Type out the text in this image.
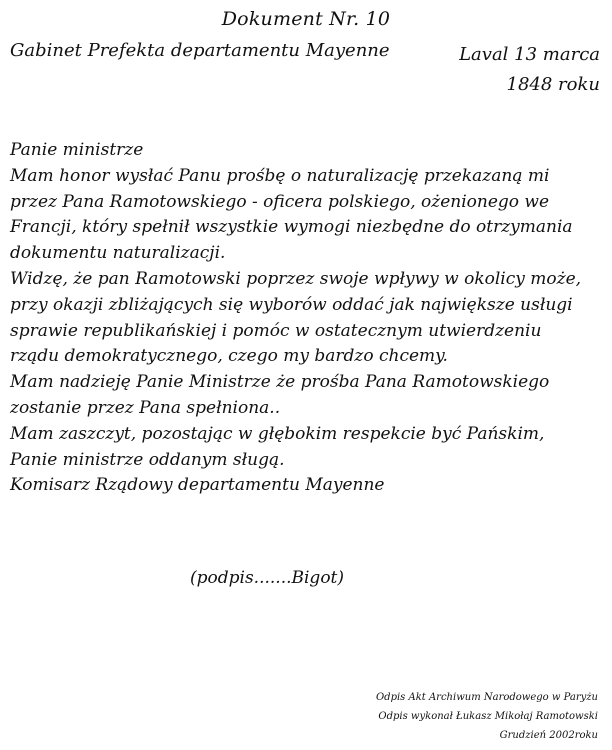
Dokument Nr. 10
Gabinet Prefekta departamentu Mayenne	Laval 13 marca
1848 roku

Panie ministrze

Mam honor wysłać Panu prośbę o naturalizację przekazaną mi przez Pana Ramotowskiego - oficera polskiego, ożenionego we Francji, który spełnił wszystkie wymogi niezbędne do otrzymania dokumentu naturalizacji.

Widzę, że pan Ramotowski poprzez swoje wpływy w okolicy może, przy okazji zbliżających się wyborów oddać jak największe usługi sprawie republikańskiej i pomóc w ostatecznym utwierdzeniu rządu demokratycznego, czego my bardzo chcemy.

Mam nadzieję Panie Ministrze że prośba Pana Ramotowskiego zostanie przez Pana spełniona..

Mam zaszczyt, pozostając w głębokim respekcie być Pańskim, Panie ministrze oddanym sługą.

Komisarz Rządowy departamentu Mayenne

(podpis.......Bigot)
Odpis Akt Archiwum Narodowego w Paryżu
Odpis wykonał Łukasz Mikołaj Ramotowski
Grudzień 2002roku
